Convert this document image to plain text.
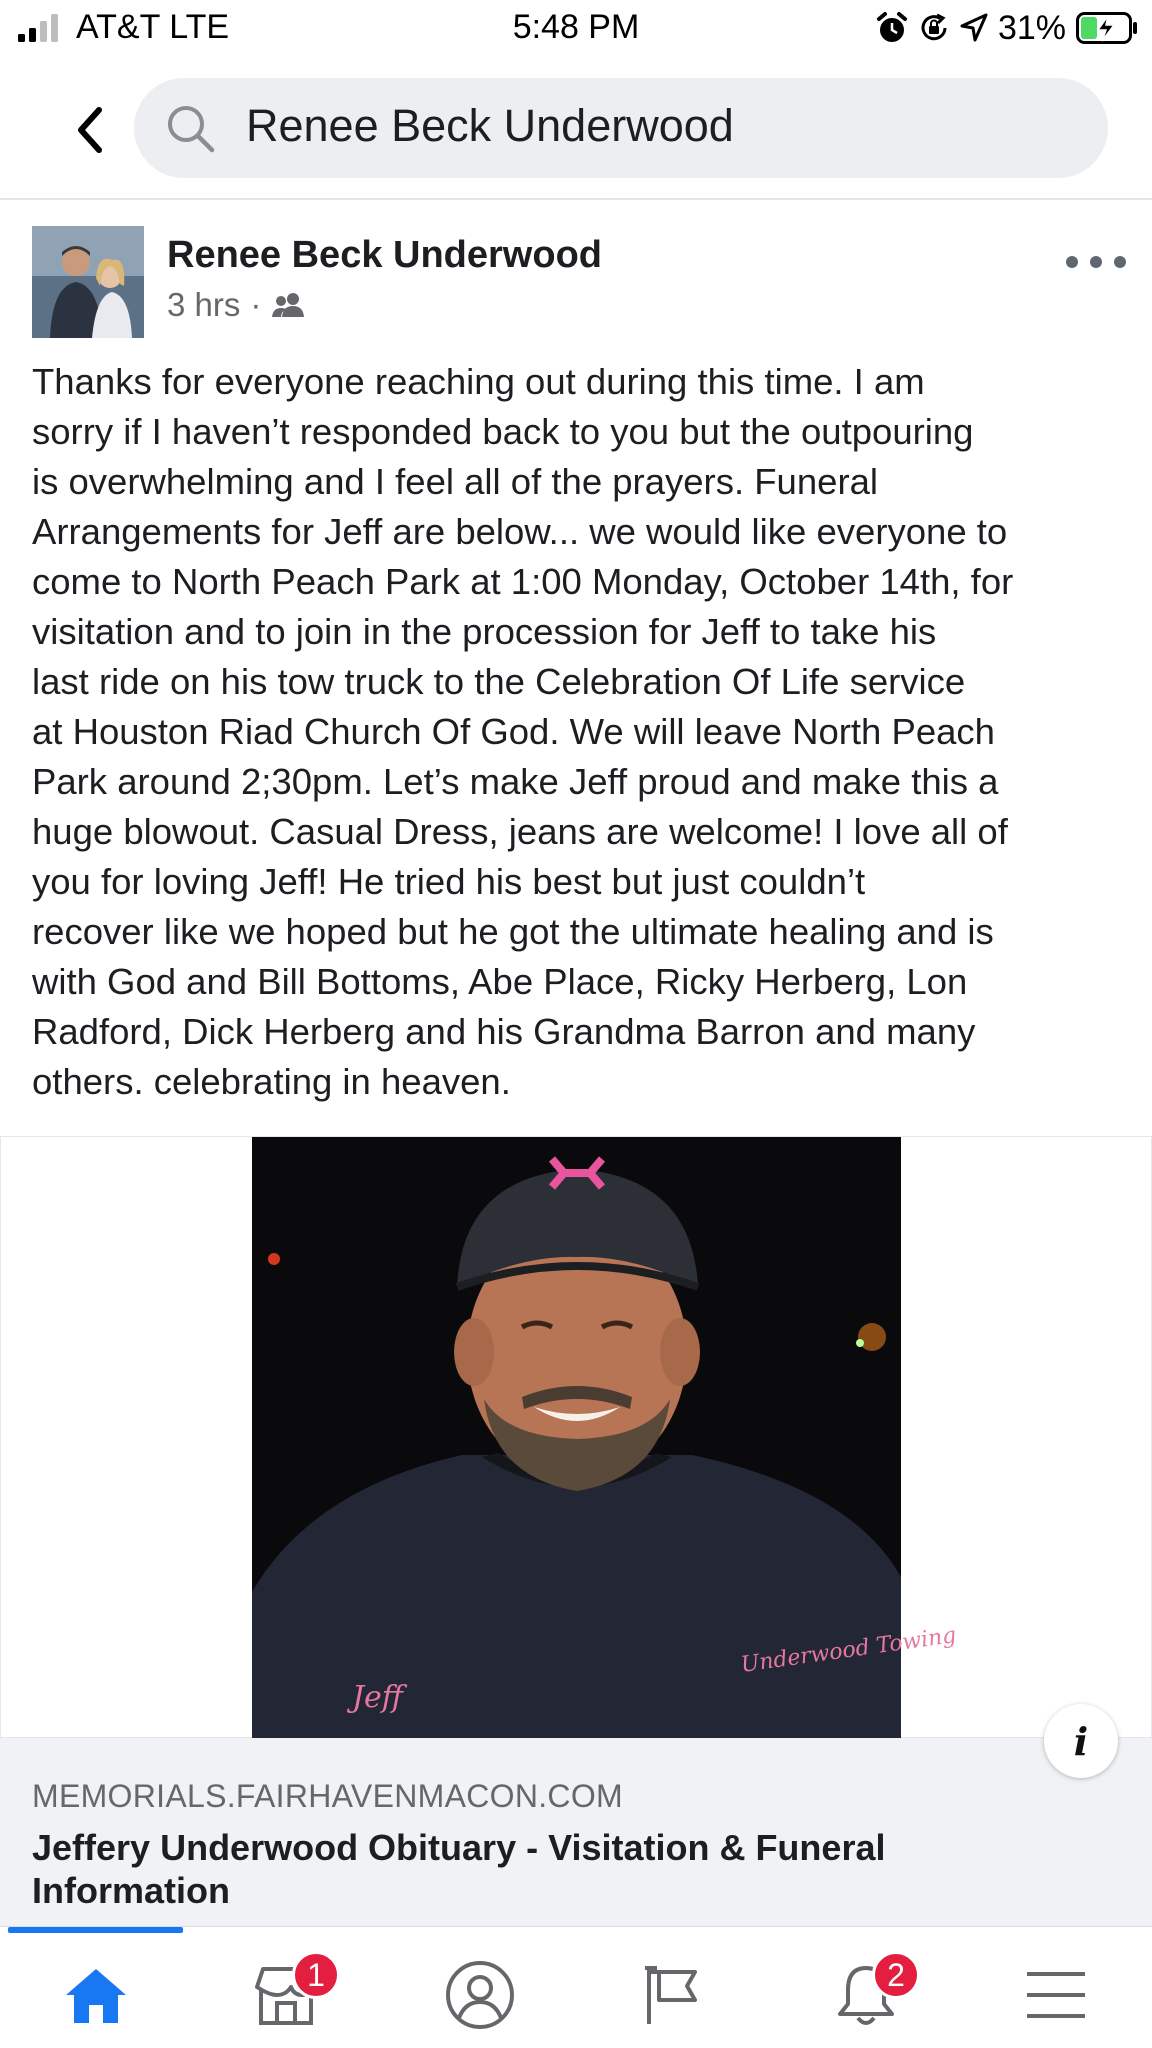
AT&T LTE	5:48 PM	31%
Renee Beck Underwood
Renee Beck Underwood
3 hrs ·
Thanks for everyone reaching out during this time. I am
sorry if I haven’t responded back to you but the outpouring
is overwhelming and I feel all of the prayers. Funeral
Arrangements for Jeff are below... we would like everyone to
come to North Peach Park at 1:00 Monday, October 14th, for
visitation and to join in the procession for Jeff to take his
last ride on his tow truck to the Celebration Of Life service
at Houston Riad Church Of God. We will leave North Peach
Park around 2;30pm. Let’s make Jeff proud and make this a
huge blowout. Casual Dress, jeans are welcome! I love all of
you for loving Jeff! He tried his best but just couldn’t
recover like we hoped but he got the ultimate healing and is
with God and Bill Bottoms, Abe Place, Ricky Herberg, Lon
Radford, Dick Herberg and his Grandma Barron and many
others. celebrating in heaven.
Jeff
Underwood Towing
MEMORIALS.FAIRHAVENMACON.COM
Jeffery Underwood Obituary - Visitation & Funeral Information
i
1	2
